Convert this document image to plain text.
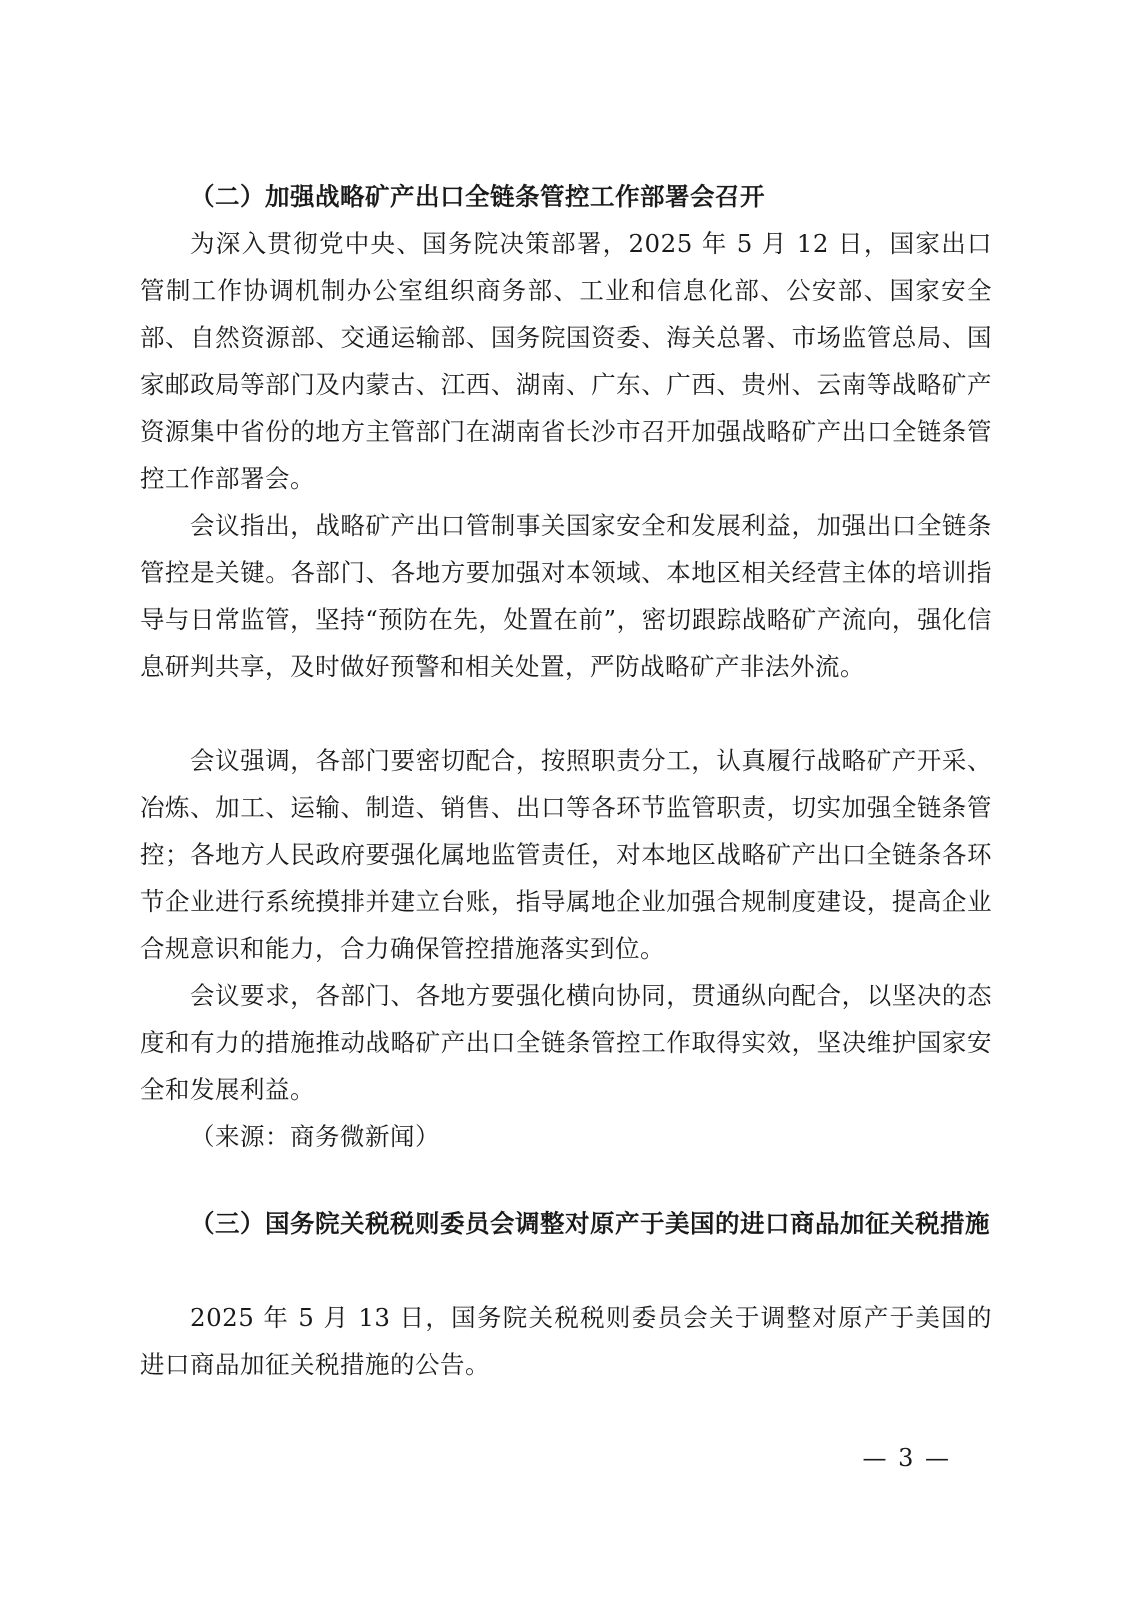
（二）加强战略矿产出口全链条管控工作部署会召开

为深入贯彻党中央、国务院决策部署，2025 年 5 月 12 日，国家出口管制工作协调机制办公室组织商务部、工业和信息化部、公安部、国家安全部、自然资源部、交通运输部、国务院国资委、海关总署、市场监管总局、国家邮政局等部门及内蒙古、江西、湖南、广东、广西、贵州、云南等战略矿产资源集中省份的地方主管部门在湖南省长沙市召开加强战略矿产出口全链条管控工作部署会。

会议指出，战略矿产出口管制事关国家安全和发展利益，加强出口全链条管控是关键。各部门、各地方要加强对本领域、本地区相关经营主体的培训指导与日常监管，坚持“预防在先，处置在前”，密切跟踪战略矿产流向，强化信息研判共享，及时做好预警和相关处置，严防战略矿产非法外流。

会议强调，各部门要密切配合，按照职责分工，认真履行战略矿产开采、冶炼、加工、运输、制造、销售、出口等各环节监管职责，切实加强全链条管控；各地方人民政府要强化属地监管责任，对本地区战略矿产出口全链条各环节企业进行系统摸排并建立台账，指导属地企业加强合规制度建设，提高企业合规意识和能力，合力确保管控措施落实到位。

会议要求，各部门、各地方要强化横向协同，贯通纵向配合，以坚决的态度和有力的措施推动战略矿产出口全链条管控工作取得实效，坚决维护国家安全和发展利益。

（来源：商务微新闻）

（三）国务院关税税则委员会调整对原产于美国的进口商品加征关税措施

2025 年 5 月 13 日，国务院关税税则委员会关于调整对原产于美国的进口商品加征关税措施的公告。

— 3 —
